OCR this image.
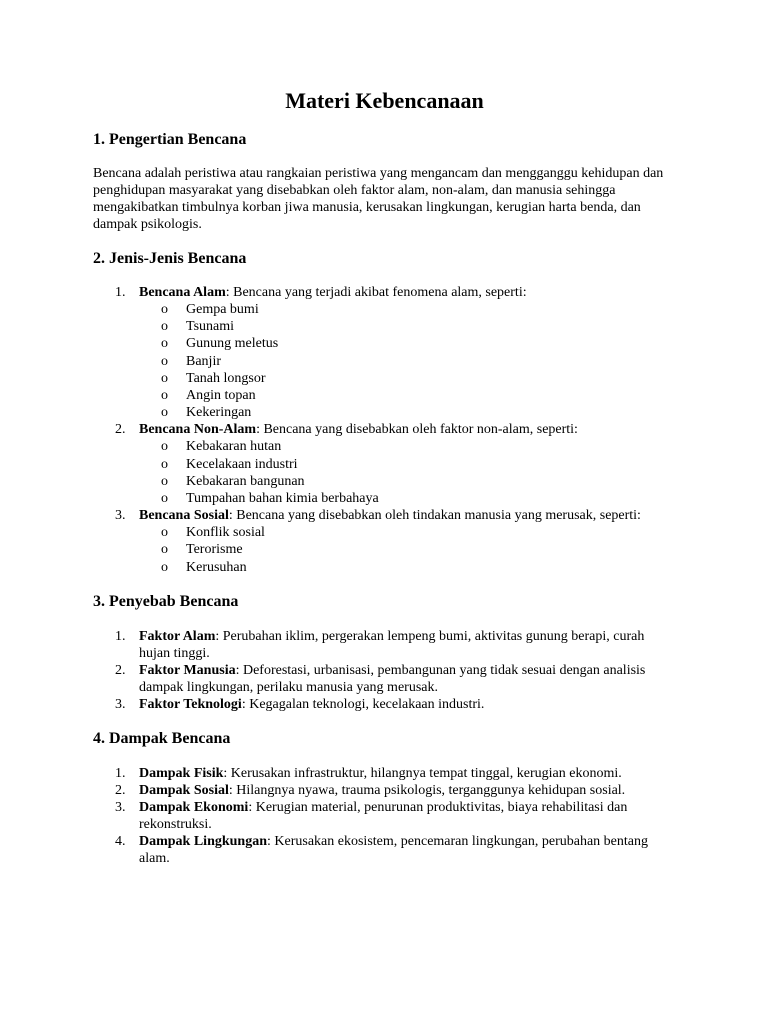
Materi Kebencanaan
1. Pengertian Bencana

Bencana adalah peristiwa atau rangkaian peristiwa yang mengancam dan mengganggu kehidupan dan penghidupan masyarakat yang disebabkan oleh faktor alam, non-alam, dan manusia sehingga mengakibatkan timbulnya korban jiwa manusia, kerusakan lingkungan, kerugian harta benda, dan dampak psikologis.

2. Jenis-Jenis Bencana
1. Bencana Alam: Bencana yang terjadi akibat fenomena alam, seperti:
o Gempa bumi
o Tsunami
o Gunung meletus
o Banjir
o Tanah longsor
o Angin topan
o Kekeringan
2. Bencana Non-Alam: Bencana yang disebabkan oleh faktor non-alam, seperti:
o Kebakaran hutan
o Kecelakaan industri
o Kebakaran bangunan
o Tumpahan bahan kimia berbahaya
3. Bencana Sosial: Bencana yang disebabkan oleh tindakan manusia yang merusak, seperti:
o Konflik sosial
o Terorisme
o Kerusuhan
3. Penyebab Bencana
1. Faktor Alam: Perubahan iklim, pergerakan lempeng bumi, aktivitas gunung berapi, curah hujan tinggi.
2. Faktor Manusia: Deforestasi, urbanisasi, pembangunan yang tidak sesuai dengan analisis dampak lingkungan, perilaku manusia yang merusak.
3. Faktor Teknologi: Kegagalan teknologi, kecelakaan industri.
4. Dampak Bencana
1. Dampak Fisik: Kerusakan infrastruktur, hilangnya tempat tinggal, kerugian ekonomi.
2. Dampak Sosial: Hilangnya nyawa, trauma psikologis, terganggunya kehidupan sosial.
3. Dampak Ekonomi: Kerugian material, penurunan produktivitas, biaya rehabilitasi dan rekonstruksi.
4. Dampak Lingkungan: Kerusakan ekosistem, pencemaran lingkungan, perubahan bentang alam.
